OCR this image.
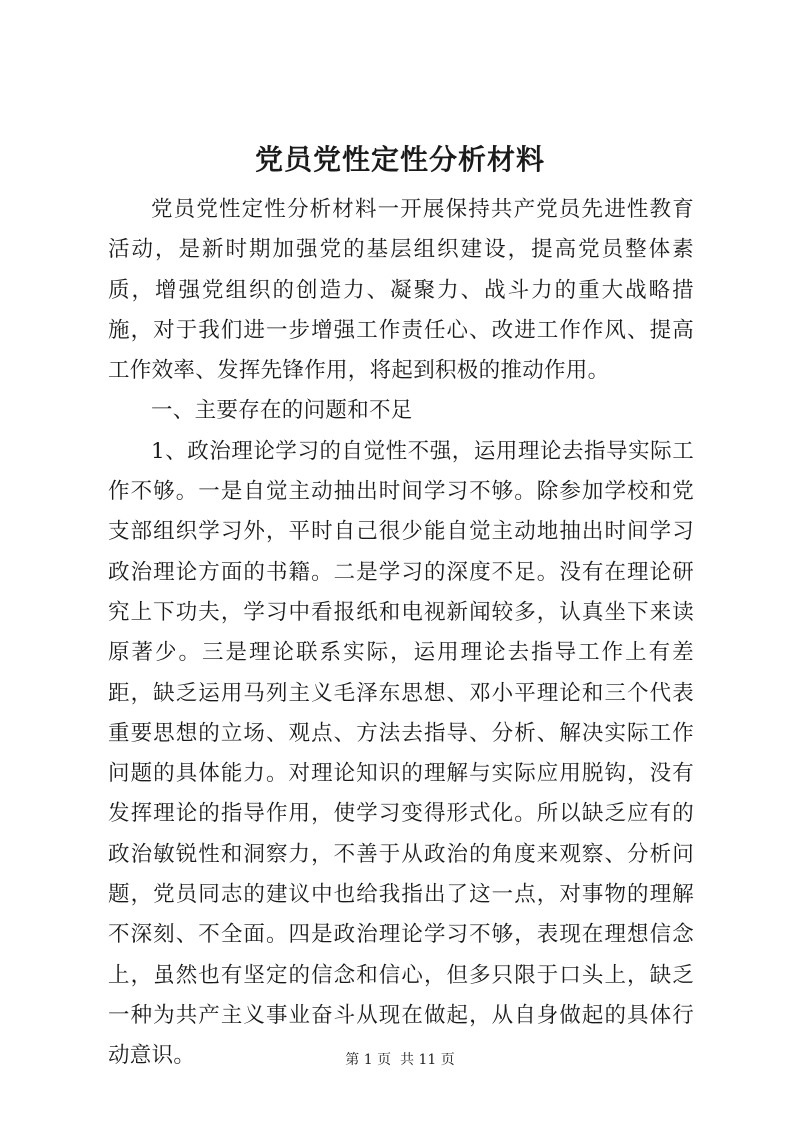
党员党性定性分析材料

党员党性定性分析材料一开展保持共产党员先进性教育活动，是新时期加强党的基层组织建设，提高党员整体素质，增强党组织的创造力、凝聚力、战斗力的重大战略措施，对于我们进一步增强工作责任心、改进工作作风、提高工作效率、发挥先锋作用，将起到积极的推动作用。

一、主要存在的问题和不足

1、政治理论学习的自觉性不强，运用理论去指导实际工作不够。一是自觉主动抽出时间学习不够。除参加学校和党支部组织学习外，平时自己很少能自觉主动地抽出时间学习政治理论方面的书籍。二是学习的深度不足。没有在理论研究上下功夫，学习中看报纸和电视新闻较多，认真坐下来读原著少。三是理论联系实际，运用理论去指导工作上有差距，缺乏运用马列主义毛泽东思想、邓小平理论和三个代表重要思想的立场、观点、方法去指导、分析、解决实际工作问题的具体能力。对理论知识的理解与实际应用脱钩，没有发挥理论的指导作用，使学习变得形式化。所以缺乏应有的政治敏锐性和洞察力，不善于从政治的角度来观察、分析问题，党员同志的建议中也给我指出了这一点，对事物的理解不深刻、不全面。四是政治理论学习不够，表现在理想信念上，虽然也有坚定的信念和信心，但多只限于口头上，缺乏一种为共产主义事业奋斗从现在做起，从自身做起的具体行动意识。	第 1 页  共 11 页
